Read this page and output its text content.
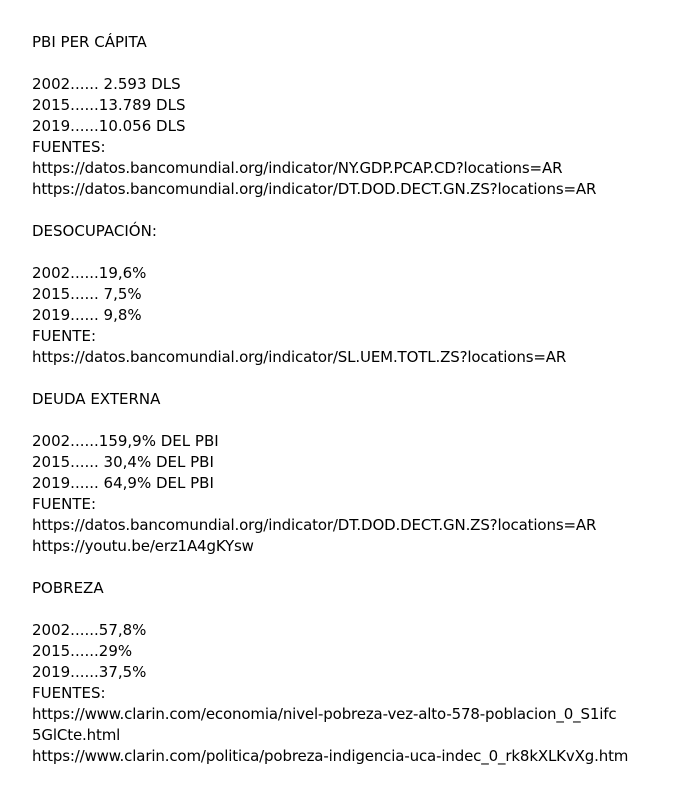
PBI PER CÁPITA
2002...... 2.593 DLS
2015......13.789 DLS
2019......10.056 DLS
FUENTES:
https://datos.bancomundial.org/indicator/NY.GDP.PCAP.CD?locations=AR
https://datos.bancomundial.org/indicator/DT.DOD.DECT.GN.ZS?locations=AR
DESOCUPACIÓN:
2002......19,6%
2015...... 7,5%
2019...... 9,8%
FUENTE:
https://datos.bancomundial.org/indicator/SL.UEM.TOTL.ZS?locations=AR
DEUDA EXTERNA
2002......159,9% DEL PBI
2015...... 30,4% DEL PBI
2019...... 64,9% DEL PBI
FUENTE:
https://datos.bancomundial.org/indicator/DT.DOD.DECT.GN.ZS?locations=AR
https://youtu.be/erz1A4gKYsw
POBREZA
2002......57,8%
2015......29%
2019......37,5%
FUENTES:
https://www.clarin.com/economia/nivel-pobreza-vez-alto-578-poblacion_0_S1ifc
5GlCte.html
https://www.clarin.com/politica/pobreza-indigencia-uca-indec_0_rk8kXLKvXg.htm
